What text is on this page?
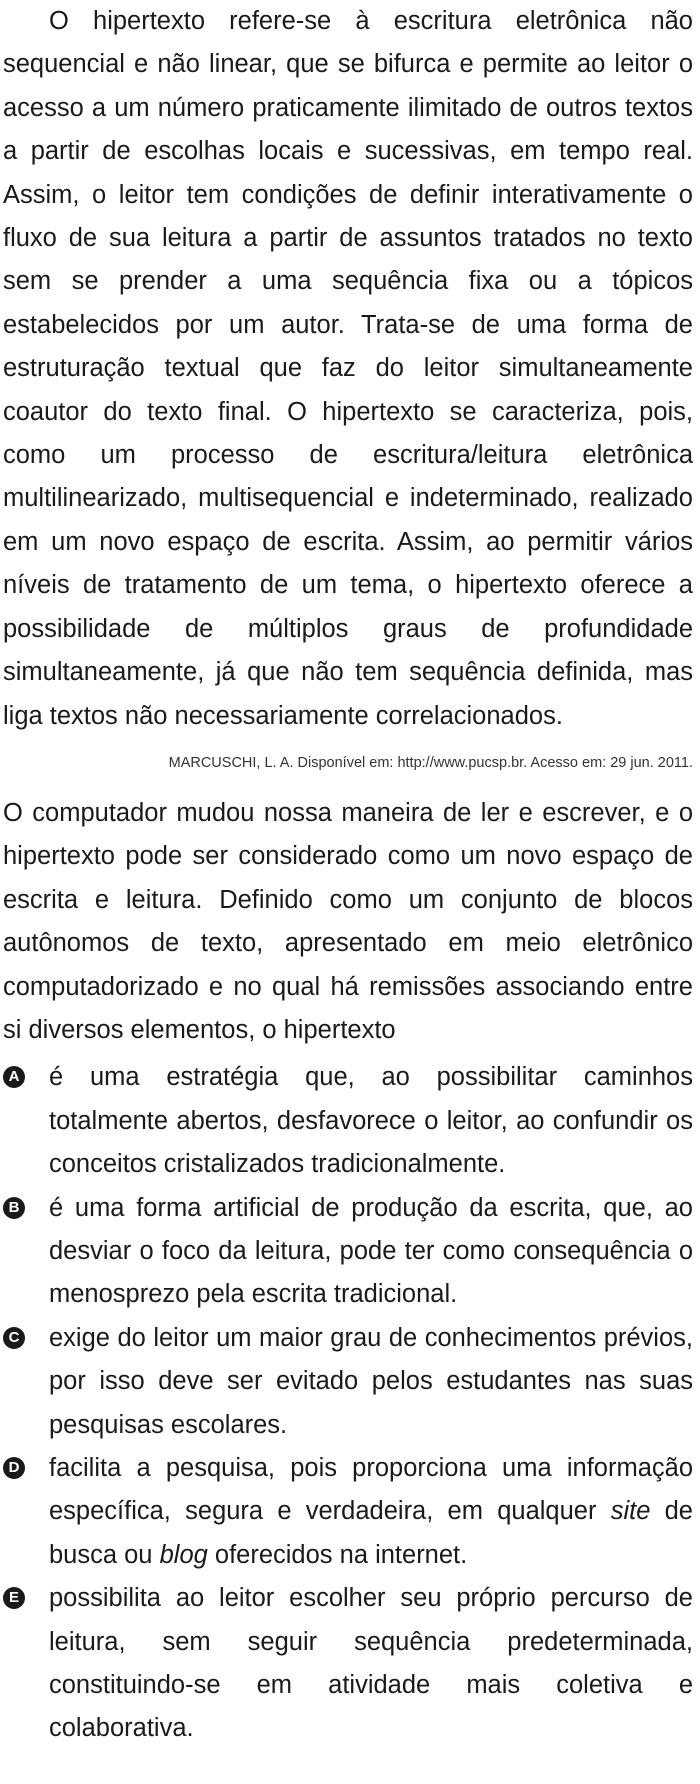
O hipertexto refere-se à escritura eletrônica não sequencial e não linear, que se bifurca e permite ao leitor o acesso a um número praticamente ilimitado de outros textos a partir de escolhas locais e sucessivas, em tempo real. Assim, o leitor tem condições de definir interativamente o fluxo de sua leitura a partir de assuntos tratados no texto sem se prender a uma sequência fixa ou a tópicos estabelecidos por um autor. Trata-se de uma forma de estruturação textual que faz do leitor simultaneamente coautor do texto final. O hipertexto se caracteriza, pois, como um processo de escritura/leitura eletrônica multilinearizado, multisequencial e indeterminado, realizado em um novo espaço de escrita. Assim, ao permitir vários níveis de tratamento de um tema, o hipertexto oferece a possibilidade de múltiplos graus de profundidade simultaneamente, já que não tem sequência definida, mas liga textos não necessariamente correlacionados.

MARCUSCHI, L. A. Disponível em: http://www.pucsp.br. Acesso em: 29 jun. 2011.

O computador mudou nossa maneira de ler e escrever, e o hipertexto pode ser considerado como um novo espaço de escrita e leitura. Definido como um conjunto de blocos autônomos de texto, apresentado em meio eletrônico computadorizado e no qual há remissões associando entre si diversos elementos, o hipertexto

A é uma estratégia que, ao possibilitar caminhos totalmente abertos, desfavorece o leitor, ao confundir os conceitos cristalizados tradicionalmente.
B é uma forma artificial de produção da escrita, que, ao desviar o foco da leitura, pode ter como consequência o menosprezo pela escrita tradicional.
C exige do leitor um maior grau de conhecimentos prévios, por isso deve ser evitado pelos estudantes nas suas pesquisas escolares.
D facilita a pesquisa, pois proporciona uma informação específica, segura e verdadeira, em qualquer site de busca ou blog oferecidos na internet.
E possibilita ao leitor escolher seu próprio percurso de leitura, sem seguir sequência predeterminada, constituindo-se em atividade mais coletiva e colaborativa.
